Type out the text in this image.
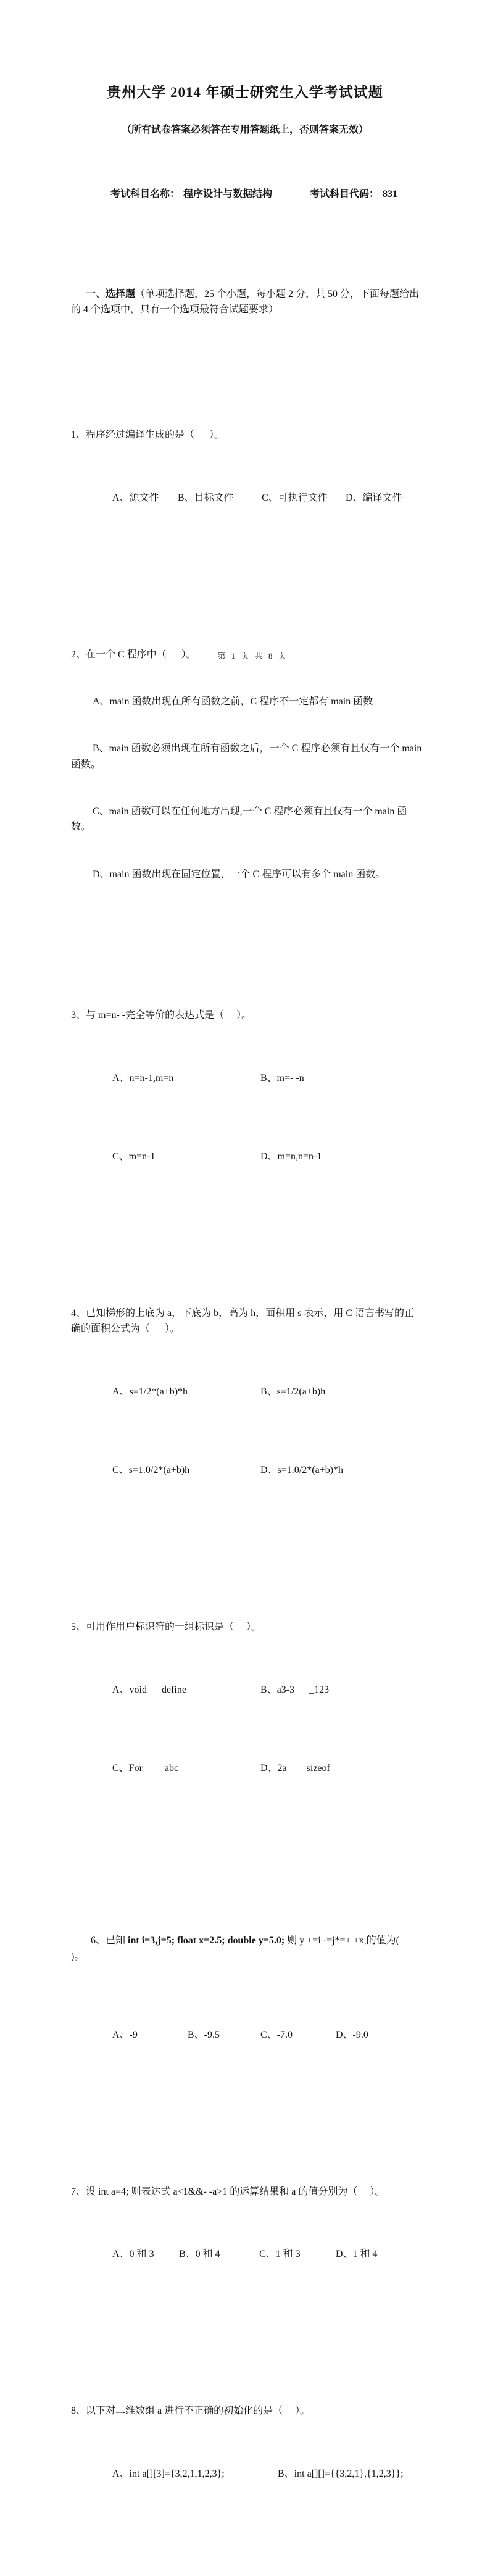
贵州大学 2014 年硕士研究生入学考试试题
（所有试卷答案必须答在专用答题纸上，否则答案无效）

考试科目名称： 程序设计与数据结构	考试科目代码： 831

一、选择题（单项选择题，25 个小题，每小题 2 分，共 50 分，下面每题给出的 4 个选项中，只有一个选项最符合试题要求）

1、程序经过编译生成的是（      ）。

A、源文件 B、目标文件	C、可执行文件 D、编译文件

2、在一个 C 程序中（      ）。

A、main 函数出现在所有函数之前，C 程序不一定都有 main 函数

B、main 函数必须出现在所有函数之后，一个 C 程序必须有且仅有一个 main 函数。

C、main 函数可以在任何地方出现,一个 C 程序必须有且仅有一个 main 函数。

D、main 函数出现在固定位置，一个 C 程序可以有多个 main 函数。

3、与 m=n- -完全等价的表达式是（     ）。

A、n=n-1,m=n	B、m=- -n

C、m=n-1	D、m=n,n=n-1

4、已知梯形的上底为 a，下底为 b，高为 h，面积用 s 表示，用 C 语言书写的正确的面积公式为（      ）。

A、s=1/2*(a+b)*h	B、s=1/2(a+b)h

C、s=1.0/2*(a+b)h	D、s=1.0/2*(a+b)*h

5、可用作用户标识符的一组标识是（     ）。

A、void      define	B、a3-3      _123

C、For       _abc	D、2a        sizeof

6、已知 int i=3,j=5; float x=2.5; double y=5.0; 则 y +=i -=j*=+ +x,的值为(      )。

A、-9	B、-9.5	C、-7.0	D、-9.0

7、设 int a=4; 则表达式 a<1&&- -a>1 的运算结果和 a 的值分别为（     ）。

A、0 和 3	B、0 和 4	C、1 和 3	D、1 和 4

8、以下对二维数组 a 进行不正确的初始化的是（     ）。

A、int a[][3]={3,2,1,1,2,3};	B、int a[][]={{3,2,1},{1,2,3}};

第 1 页 共 8 页
